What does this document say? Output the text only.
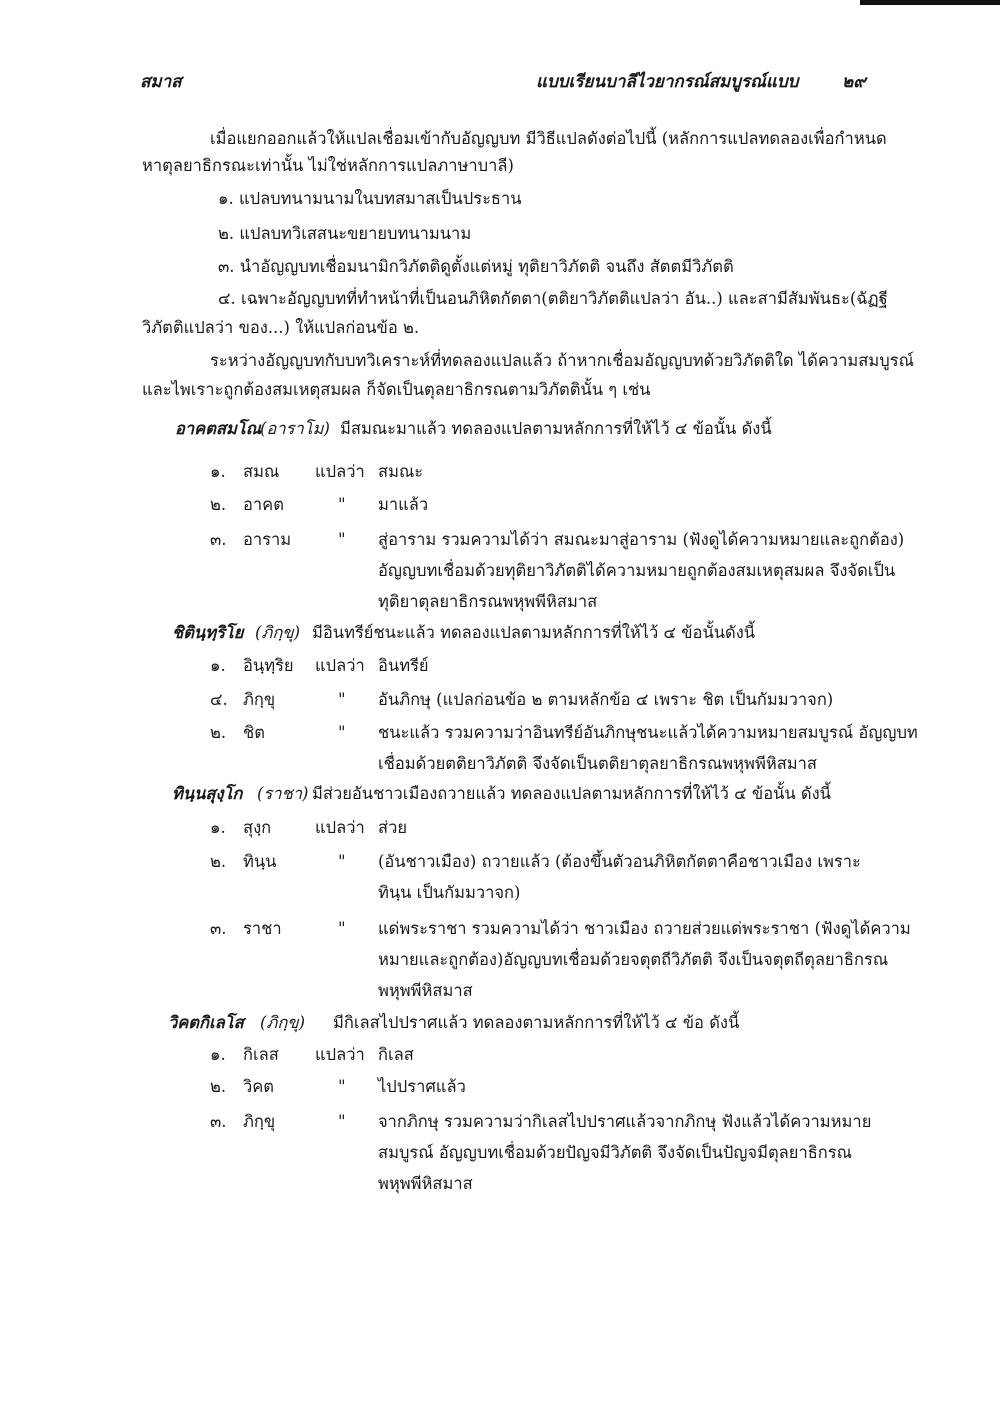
สมาส	แบบเรียนบาลีไวยากรณ์สมบูรณ์แบบ	๒๙
เมื่อแยกออกแล้วให้แปลเชื่อมเข้ากับอัญญบท มีวิธีแปลดังต่อไปนี้ (หลักการแปลทดลองเพื่อกำหนด
หาตุลยาธิกรณะเท่านั้น ไม่ใช่หลักการแปลภาษาบาลี)
๑. แปลบทนามนามในบทสมาสเป็นประธาน
๒. แปลบทวิเสสนะขยายบทนามนาม
๓. นำอัญญบทเชื่อมนามิกวิภัตติดูตั้งแต่หมู่ ทุติยาวิภัตติ จนถึง สัตตมีวิภัตติ
๔. เฉพาะอัญญบทที่ทำหน้าที่เป็นอนภิหิตกัตตา(ตติยาวิภัตติแปลว่า อัน..) และสามีสัมพันธะ(ฉัฏฐี
วิภัตติแปลว่า ของ...) ให้แปลก่อนข้อ ๒.
ระหว่างอัญญบทกับบทวิเคราะห์ที่ทดลองแปลแล้ว ถ้าหากเชื่อมอัญญบทด้วยวิภัตติใด ได้ความสมบูรณ์
และไพเราะถูกต้องสมเหตุสมผล ก็จัดเป็นตุลยาธิกรณตามวิภัตตินั้น ๆ เช่น
อาคตสมโณ
(อาราโม) มีสมณะมาแล้ว ทดลองแปลตามหลักการที่ให้ไว้ ๔ ข้อนั้น ดังนี้
๑. สมณ แปลว่า สมณะ
๒. อาคต	" มาแล้ว
๓. อาราม	" สู่อาราม รวมความได้ว่า สมณะมาสู่อาราม (ฟังดูได้ความหมายและถูกต้อง)
อัญญบทเชื่อมด้วยทุติยาวิภัตติได้ความหมายถูกต้องสมเหตุสมผล จึงจัดเป็น
ทุติยาตุลยาธิกรณพหุพพีหิสมาส
ชิตินฺทฺริโย (ภิกฺขุ) มีอินทรีย์ชนะแล้ว ทดลองแปลตามหลักการที่ให้ไว้ ๔ ข้อนั้นดังนี้
๑. อินฺทฺริย แปลว่า อินทรีย์
๔. ภิกฺขุ	" อันภิกษุ (แปลก่อนข้อ ๒ ตามหลักข้อ ๔ เพราะ ชิต เป็นกัมมวาจก)
๒. ชิต	" ชนะแล้ว รวมความว่าอินทรีย์อันภิกษุชนะแล้วได้ความหมายสมบูรณ์ อัญญบท
เชื่อมด้วยตติยาวิภัตติ จึงจัดเป็นตติยาตุลยาธิกรณพหุพพีหิสมาส
ทินฺนสุงฺโก (ราชา) มีส่วยอันชาวเมืองถวายแล้ว ทดลองแปลตามหลักการที่ให้ไว้ ๔ ข้อนั้น ดังนี้
๑. สุงฺก	แปลว่า ส่วย
๒. ทินฺน	" (อันชาวเมือง) ถวายแล้ว (ต้องขึ้นตัวอนภิหิตกัตตาคือชาวเมือง เพราะ
ทินฺน เป็นกัมมวาจก)
๓. ราชา	" แด่พระราชา รวมความได้ว่า ชาวเมือง ถวายส่วยแด่พระราชา (ฟังดูได้ความ
หมายและถูกต้อง)อัญญบทเชื่อมด้วยจตุตถีวิภัตติ จึงเป็นจตุตถีตุลยาธิกรณ
พหุพพีหิสมาส
วิคตกิเลโส (ภิกฺขุ) มีกิเลสไปปราศแล้ว ทดลองตามหลักการที่ให้ไว้ ๔ ข้อ ดังนี้
๑. กิเลส แปลว่า กิเลส
๒. วิคต	" ไปปราศแล้ว
๓. ภิกฺขุ	" จากภิกษุ รวมความว่ากิเลสไปปราศแล้วจากภิกษุ ฟังแล้วได้ความหมาย
สมบูรณ์ อัญญบทเชื่อมด้วยปัญจมีวิภัตติ จึงจัดเป็นปัญจมีตุลยาธิกรณ
พหุพพีหิสมาส
